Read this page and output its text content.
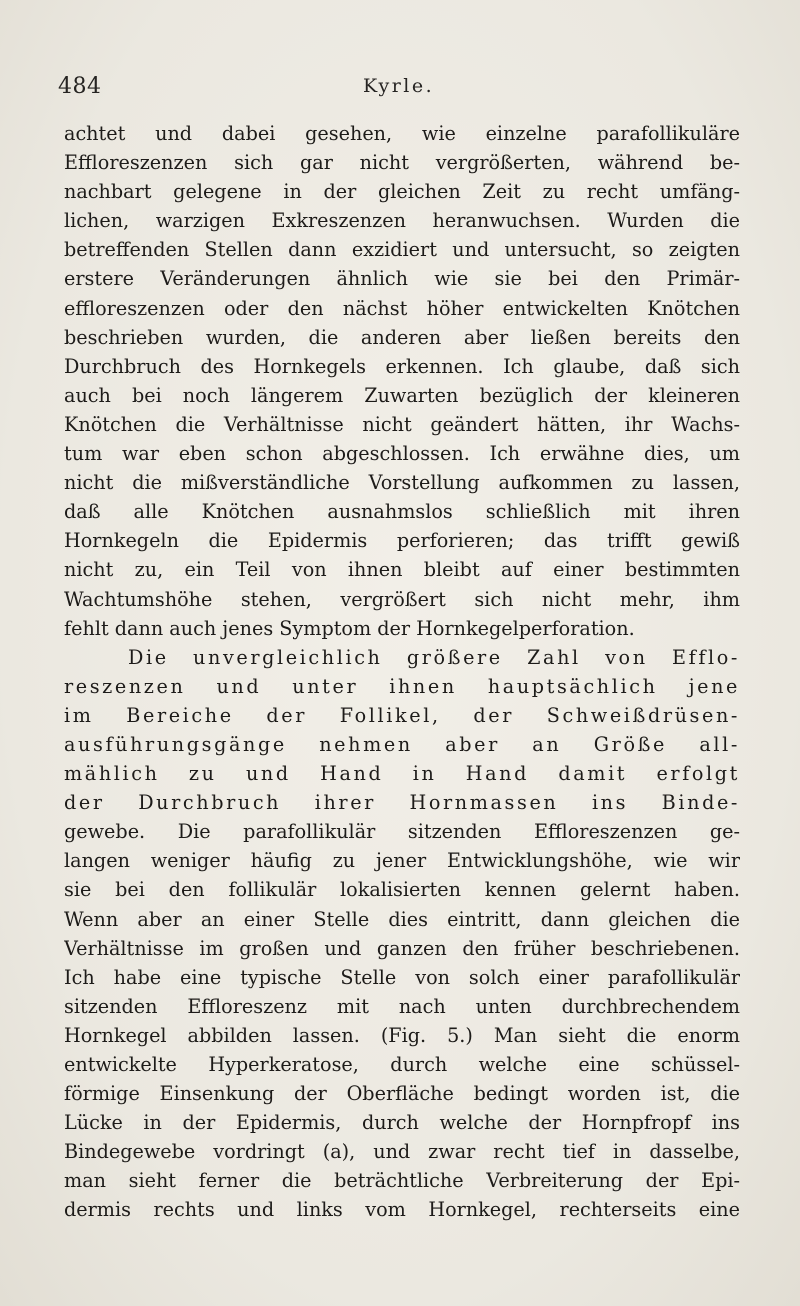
484	Kyrle.
achtet und dabei gesehen, wie einzelne parafollikuläre
Effloreszenzen sich gar nicht vergrößerten, während be-
nachbart gelegene in der gleichen Zeit zu recht umfäng-
lichen, warzigen Exkreszenzen heranwuchsen. Wurden die
betreffenden Stellen dann exzidiert und untersucht, so zeigten
erstere Veränderungen ähnlich wie sie bei den Primär-
effloreszenzen oder den nächst höher entwickelten Knötchen
beschrieben wurden, die anderen aber ließen bereits den
Durchbruch des Hornkegels erkennen. Ich glaube, daß sich
auch bei noch längerem Zuwarten bezüglich der kleineren
Knötchen die Verhältnisse nicht geändert hätten, ihr Wachs-
tum war eben schon abgeschlossen. Ich erwähne dies, um
nicht die mißverständliche Vorstellung aufkommen zu lassen,
daß alle Knötchen ausnahmslos schließlich mit ihren
Hornkegeln die Epidermis perforieren; das trifft gewiß
nicht zu, ein Teil von ihnen bleibt auf einer bestimmten
Wachtumshöhe stehen, vergrößert sich nicht mehr, ihm
fehlt dann auch jenes Symptom der Hornkegelperforation.
Die unvergleichlich größere Zahl von Efflo-
reszenzen und unter ihnen hauptsächlich jene
im Bereiche der Follikel, der Schweißdrüsen-
ausführungsgänge nehmen aber an Größe all-
mählich zu und Hand in Hand damit erfolgt
der Durchbruch ihrer Hornmassen ins Binde-
gewebe. Die parafollikulär sitzenden Effloreszenzen ge-
langen weniger häufig zu jener Entwicklungshöhe, wie wir
sie bei den follikulär lokalisierten kennen gelernt haben.
Wenn aber an einer Stelle dies eintritt, dann gleichen die
Verhältnisse im großen und ganzen den früher beschriebenen.
Ich habe eine typische Stelle von solch einer parafollikulär
sitzenden Effloreszenz mit nach unten durchbrechendem
Hornkegel abbilden lassen. (Fig. 5.) Man sieht die enorm
entwickelte Hyperkeratose, durch welche eine schüssel-
förmige Einsenkung der Oberfläche bedingt worden ist, die
Lücke in der Epidermis, durch welche der Hornpfropf ins
Bindegewebe vordringt (a), und zwar recht tief in dasselbe,
man sieht ferner die beträchtliche Verbreiterung der Epi-
dermis rechts und links vom Hornkegel, rechterseits eine
